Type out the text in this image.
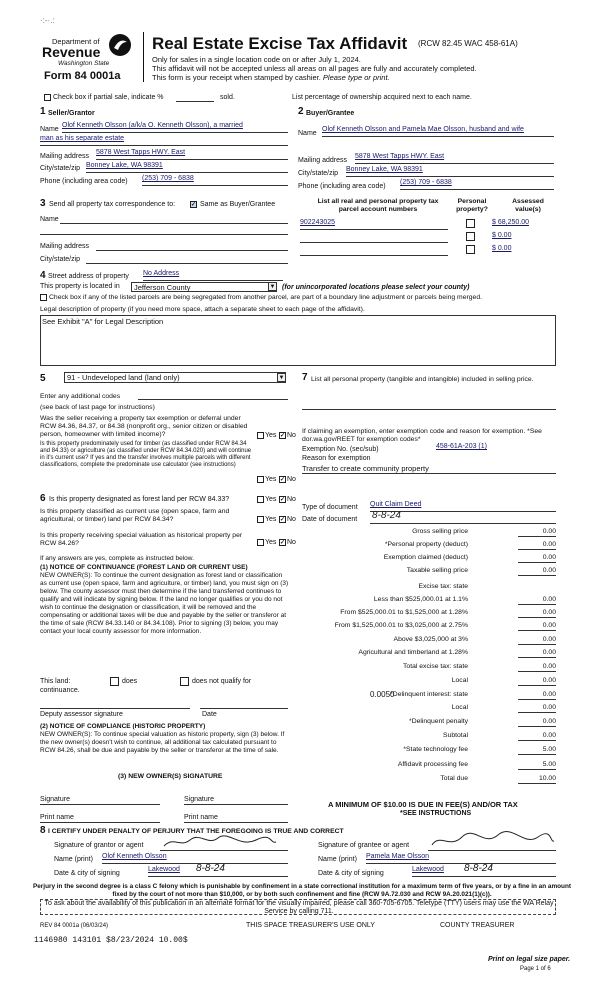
·:-·.:
Department of
Revenue
Washington State
Form 84 0001a
Real Estate Excise Tax Affidavit (RCW 82.45 WAC 458-61A)
Only for sales in a single location code on or after July 1, 2024.
This affidavit will not be accepted unless all areas on all pages are fully and accurately completed.
This form is your receipt when stamped by cashier. Please type or print.
Check box if partial sale, indicate %	sold.	List percentage of ownership acquired next to each name.
1 Seller/Grantor
Name
Olof Kenneth Olsson (a/k/a O. Kenneth Olsson), a married
man as his separate estate
Mailing address
5878 West Tapps HWY. East
City/state/zip Bonney Lake, WA 98391
Phone (including area code) (253) 709 - 6838
2 Buyer/Grantee
Name
Olof Kenneth Olsson and Pamela Mae Olsson, husband and wife
Mailing address
5878 West Tapps HWY. East
City/state/zip
Bonney Lake, WA 98391
Phone (including area code)
(253) 709 - 6838
3 Send all property tax correspondence to:	✓ Same as Buyer/Grantee
Name
Mailing address
City/state/zip
List all real and personal property tax
parcel account numbers
Personal
property?
Assessed
value(s)
902243025	$ 68,250.00
$ 0.00
$ 0.00
4 Street address of property No Address
This property is located in	Jefferson County	▼ (for unincorporated locations please select your county)
Check box if any of the listed parcels are being segregated from another parcel, are part of a boundary line adjustment or parcels being merged.
Legal description of property (if you need more space, attach a separate sheet to each page of the affidavit).
See Exhibit "A" for Legal Description
5	91 - Undeveloped land (land only)	▼
Enter any additional codes
(see back of last page for instructions)
Was the seller receiving a property tax exemption or deferral under RCW 84.36, 84.37, or 84.38 (nonprofit org., senior citizen or disabled person, homeowner with limited income)?	Yes ✓ No
Is this property predominately used for timber (as classified under RCW 84.34 and 84.33) or agriculture (as classified under RCW 84.34.020) and will continue in it's current use? If yes and the transfer involves multiple parcels with different classifications, complete the predominate use calculator (see instructions)
Yes ✓ No
6 Is this property designated as forest land per RCW 84.33?	Yes ✓ No
Is this property classified as current use (open space, farm and agricultural, or timber) land per RCW 84.34?	Yes ✓ No
Is this property receiving special valuation as historical property per RCW 84.26?	Yes ✓ No
If any answers are yes, complete as instructed below.
(1) NOTICE OF CONTINUANCE (FOREST LAND OR CURRENT USE)
NEW OWNER(S): To continue the current designation as forest land or classification as current use (open space, farm and agriculture, or timber) land, you must sign on (3) below. The county assessor must then determine if the land transferred continues to qualify and will indicate by signing below. If the land no longer qualifies or you do not wish to continue the designation or classification, it will be removed and the compensating or additional taxes will be due and payable by the seller or transferor at the time of sale (RCW 84.33.140 or 84.34.108). Prior to signing (3) below, you may contact your local county assessor for more information.
This land:	does	does not qualify for
continuance.
Deputy assessor signature	Date
(2) NOTICE OF COMPLIANCE (HISTORIC PROPERTY)
NEW OWNER(S): To continue special valuation as historic property, sign (3) below. If the new owner(s) doesn't wish to continue, all additional tax calculated pursuant to RCW 84.26, shall be due and payable by the seller or transferor at the time of sale.
(3) NEW OWNER(S) SIGNATURE
Signature	Signature
Print name	Print name
7 List all personal property (tangible and intangible) included in selling price.
If claiming an exemption, enter exemption code and reason for exemption. *See dor.wa.gov/REET for exemption codes*
Exemption No. (sec/sub)	458-61A-203 (1)
Reason for exemption
Transfer to create community property
Type of document Quit Claim Deed
Date of document 8-8-24
Gross selling price	0.00
*Personal property (deduct)	0.00
Exemption claimed (deduct)	0.00
Taxable selling price	0.00
Excise tax: state
Less than $525,000.01 at 1.1%	0.00
From $525,000.01 to $1,525,000 at 1.28%	0.00
From $1,525,000.01 to $3,025,000 at 2.75%	0.00
Above $3,025,000 at 3%	0.00
Agricultural and timberland at 1.28%	0.00
Total excise tax: state	0.00
Local	0.00
*Delinquent interest: state	0.00
Local	0.00
*Delinquent penalty	0.00
Subtotal	0.00
*State technology fee	5.00
Affidavit processing fee	5.00
Total due	10.00
0.0050
A MINIMUM OF $10.00 IS DUE IN FEE(S) AND/OR TAX
*SEE INSTRUCTIONS
8 I CERTIFY UNDER PENALTY OF PERJURY THAT THE FOREGOING IS TRUE AND CORRECT
Signature of grantor or agent
Name (print) Olof Kenneth Olsson
Date & city of signing
Lakewood 8-8-24
Signature of grantee or agent
Name (print) Pamela Mae Olsson
Date & city of signing
Lakewood 8-8-24
Perjury in the second degree is a class C felony which is punishable by confinement in a state correctional institution for a maximum term of five years, or by a fine in an amount fixed by the court of not more than $10,000, or by both such confinement and fine (RCW 9A.72.030 and RCW 9A.20.021(1)(c)).
To ask about the availability of this publication in an alternate format for the visually impaired, please call 360-705-6705. Teletype (TTY) users may use the WA Relay Service by calling 711.
REV 84 0001a (06/03/24)	THIS SPACE TREASURER'S USE ONLY	COUNTY TREASURER
1146980 143101 $8/23/2024 10.00$
Print on legal size paper.
Page 1 of 6
